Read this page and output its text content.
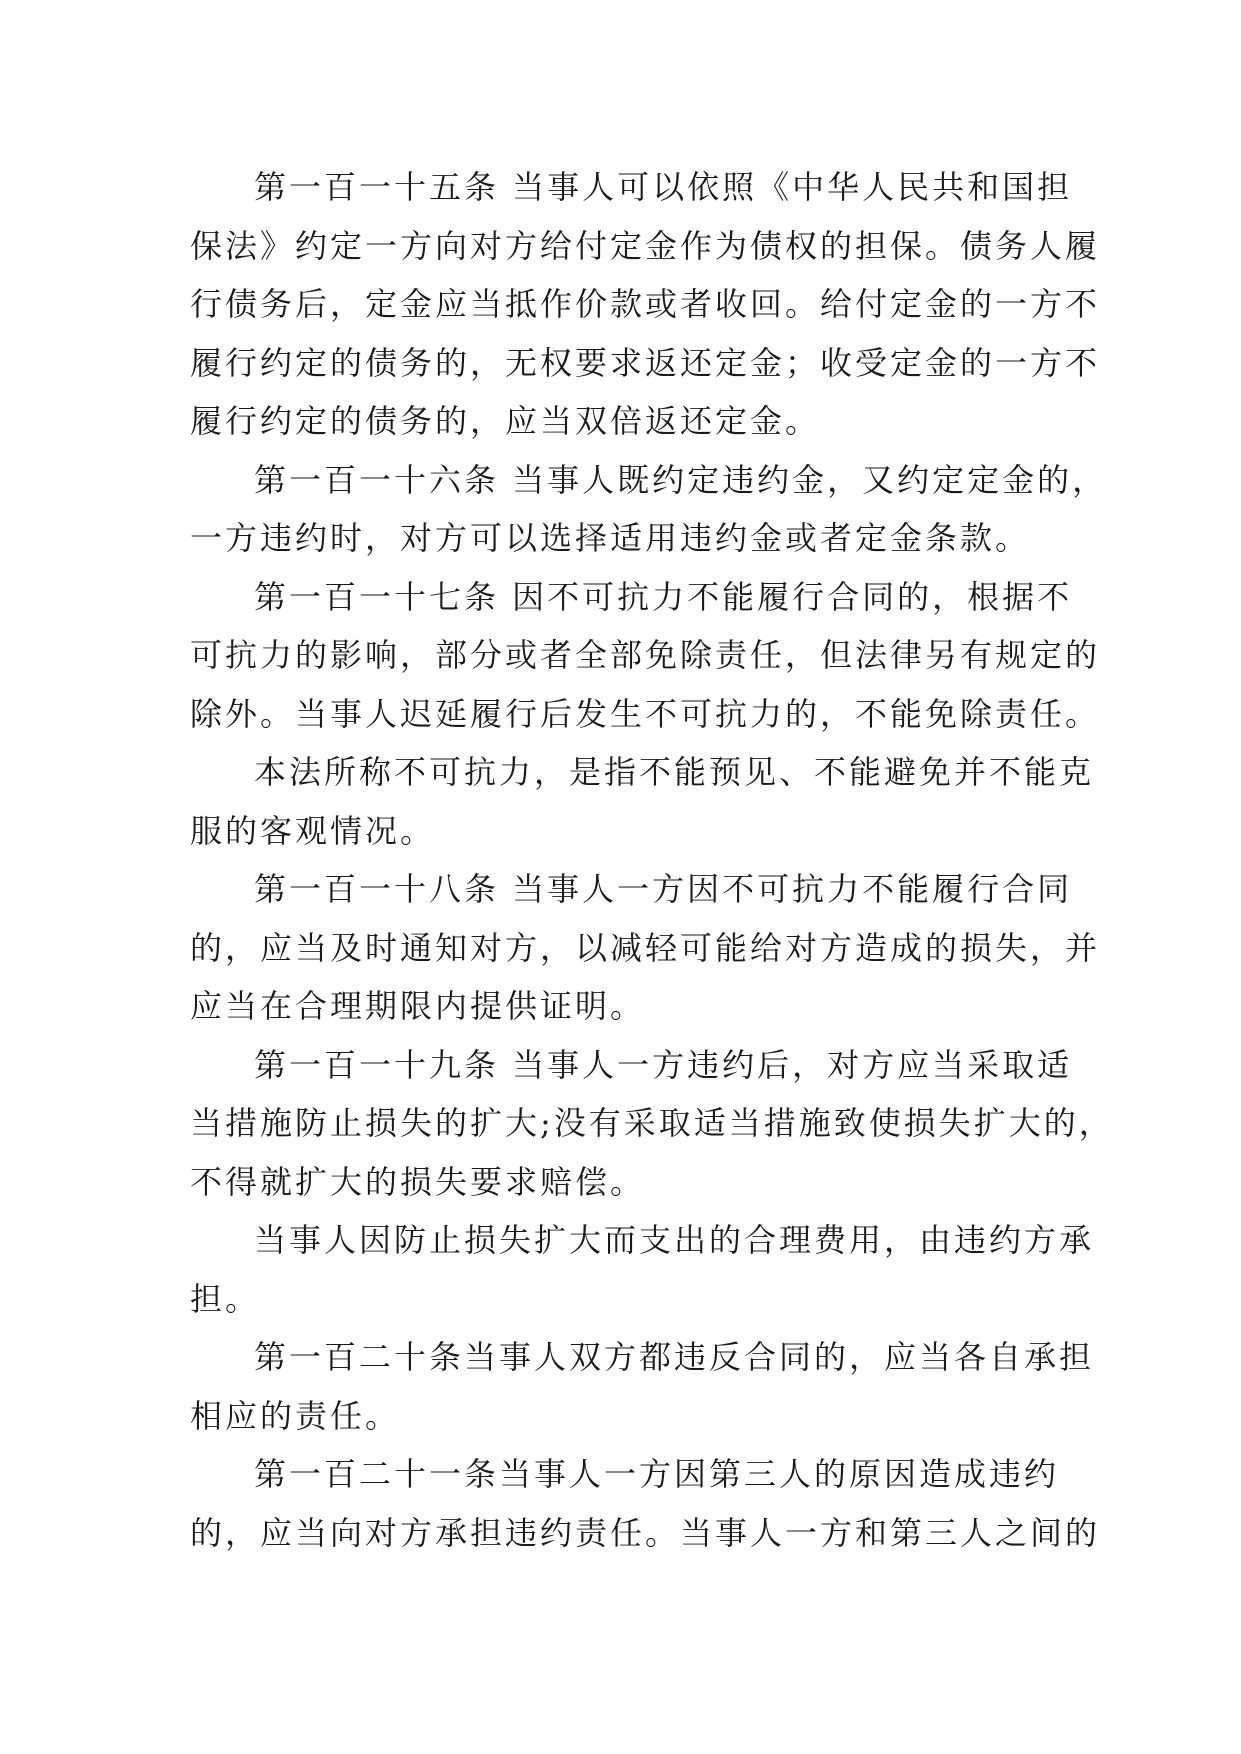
第一百一十五条 当事人可以依照《中华人民共和国担
保法》约定一方向对方给付定金作为债权的担保。债务人履
行债务后，定金应当抵作价款或者收回。给付定金的一方不
履行约定的债务的，无权要求返还定金；收受定金的一方不
履行约定的债务的，应当双倍返还定金。

第一百一十六条 当事人既约定违约金，又约定定金的，
一方违约时，对方可以选择适用违约金或者定金条款。

第一百一十七条 因不可抗力不能履行合同的，根据不
可抗力的影响，部分或者全部免除责任，但法律另有规定的
除外。当事人迟延履行后发生不可抗力的，不能免除责任。

本法所称不可抗力，是指不能预见、不能避免并不能克
服的客观情况。

第一百一十八条 当事人一方因不可抗力不能履行合同
的，应当及时通知对方，以减轻可能给对方造成的损失，并
应当在合理期限内提供证明。

第一百一十九条 当事人一方违约后，对方应当采取适
当措施防止损失的扩大;没有采取适当措施致使损失扩大的，
不得就扩大的损失要求赔偿。

当事人因防止损失扩大而支出的合理费用，由违约方承
担。

第一百二十条当事人双方都违反合同的，应当各自承担
相应的责任。

第一百二十一条当事人一方因第三人的原因造成违约
的，应当向对方承担违约责任。当事人一方和第三人之间的
